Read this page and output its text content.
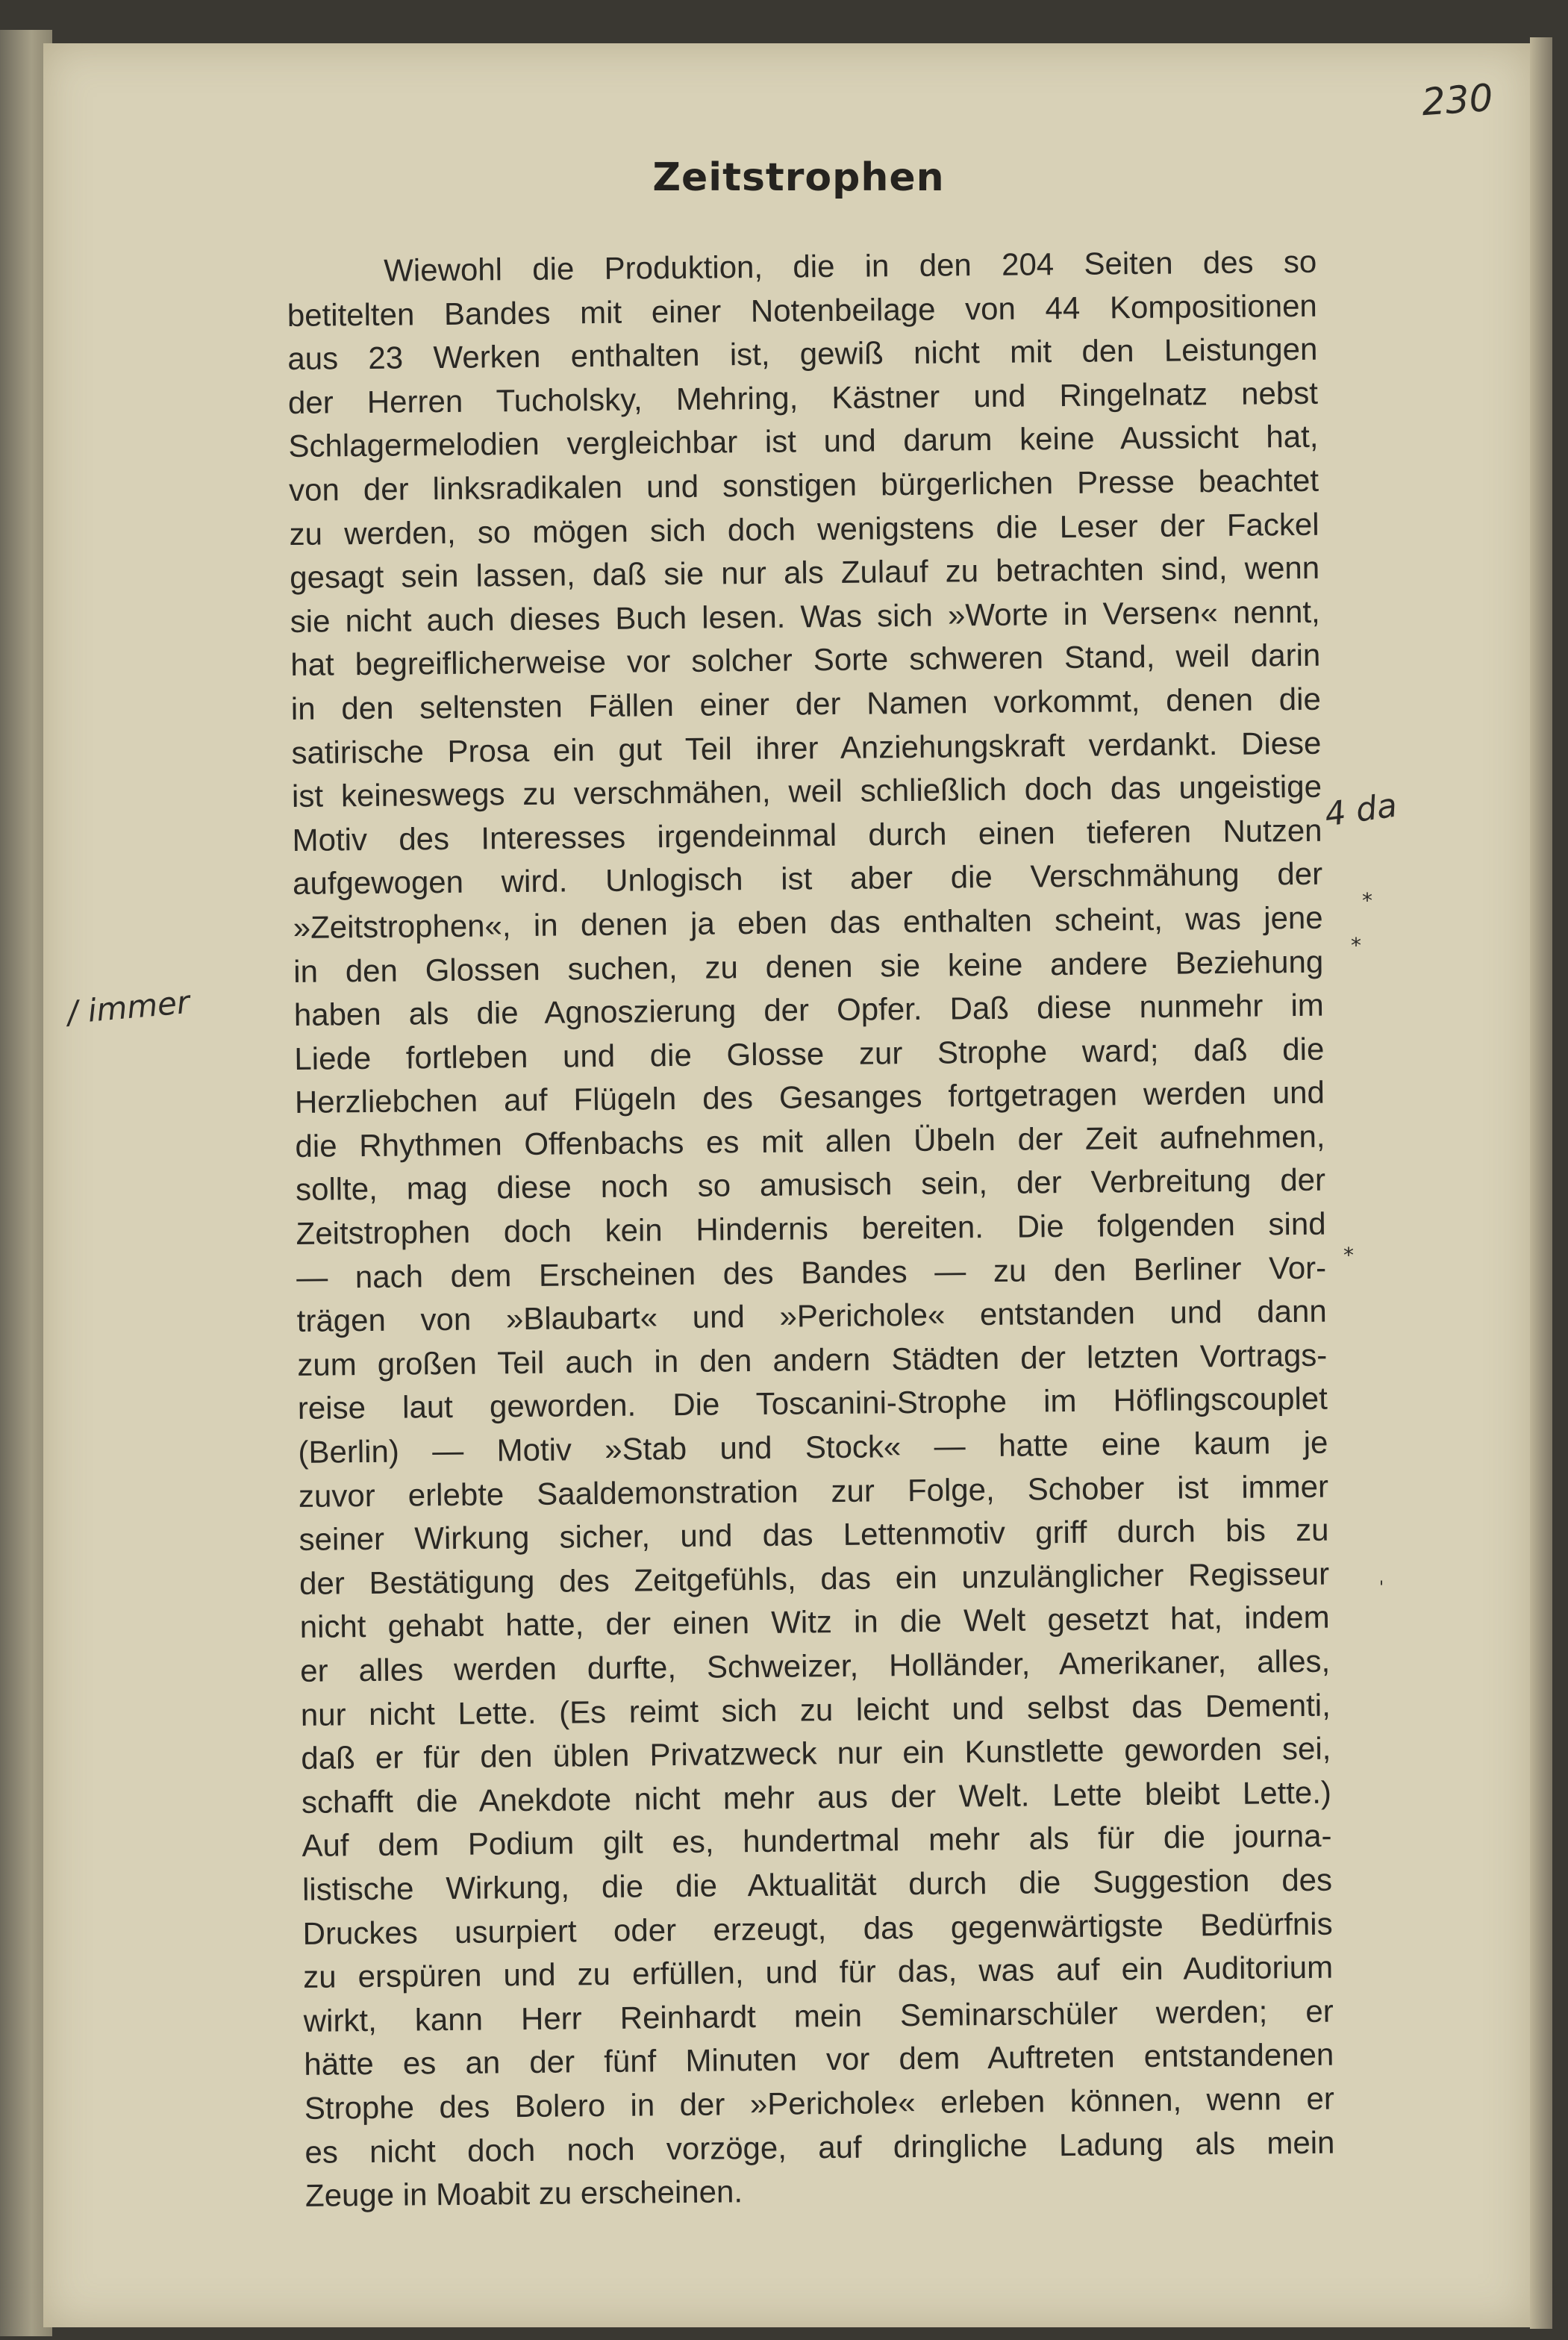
230
Zeitstrophen
Wiewohl die Produktion, die in den 204 Seiten des so
betitelten Bandes mit einer Notenbeilage von 44 Kompositionen
aus 23 Werken enthalten ist, gewiß nicht mit den Leistungen
der Herren Tucholsky, Mehring, Kästner und Ringelnatz nebst
Schlagermelodien vergleichbar ist und darum keine Aussicht hat,
von der linksradikalen und sonstigen bürgerlichen Presse beachtet
zu werden, so mögen sich doch wenigstens die Leser der Fackel
gesagt sein lassen, daß sie nur als Zulauf zu betrachten sind, wenn
sie nicht auch dieses Buch lesen. Was sich »Worte in Versen« nennt,
hat begreiflicherweise vor solcher Sorte schweren Stand, weil darin
in den seltensten Fällen einer der Namen vorkommt, denen die
satirische Prosa ein gut Teil ihrer Anziehungskraft verdankt. Diese
ist keineswegs zu verschmähen, weil schließlich doch das ungeistige
Motiv des Interesses irgendeinmal durch einen tieferen Nutzen
aufgewogen wird. Unlogisch ist aber die Verschmähung der
»Zeitstrophen«, in denen ja eben das enthalten scheint, was jene
in den Glossen suchen, zu denen sie keine andere Beziehung
haben als die Agnoszierung der Opfer. Daß diese nunmehr im
Liede fortleben und die Glosse zur Strophe ward; daß die
Herzliebchen auf Flügeln des Gesanges fortgetragen werden und
die Rhythmen Offenbachs es mit allen Übeln der Zeit aufnehmen,
sollte, mag diese noch so amusisch sein, der Verbreitung der
Zeitstrophen doch kein Hindernis bereiten. Die folgenden sind
— nach dem Erscheinen des Bandes — zu den Berliner Vor-
trägen von »Blaubart« und »Perichole« entstanden und dann
zum großen Teil auch in den andern Städten der letzten Vortrags-
reise laut geworden. Die Toscanini-Strophe im Höflingscouplet
(Berlin) — Motiv »Stab und Stock« — hatte eine kaum je
zuvor erlebte Saaldemonstration zur Folge, Schober ist immer
seiner Wirkung sicher, und das Lettenmotiv griff durch bis zu
der Bestätigung des Zeitgefühls, das ein unzulänglicher Regisseur
nicht gehabt hatte, der einen Witz in die Welt gesetzt hat, indem
er alles werden durfte, Schweizer, Holländer, Amerikaner, alles,
nur nicht Lette. (Es reimt sich zu leicht und selbst das Dementi,
daß er für den üblen Privatzweck nur ein Kunstlette geworden sei,
schafft die Anekdote nicht mehr aus der Welt. Lette bleibt Lette.)
Auf dem Podium gilt es, hundertmal mehr als für die journa-
listische Wirkung, die die Aktualität durch die Suggestion des
Druckes usurpiert oder erzeugt, das gegenwärtigste Bedürfnis
zu erspüren und zu erfüllen, und für das, was auf ein Auditorium
wirkt, kann Herr Reinhardt mein Seminarschüler werden; er
hätte es an der fünf Minuten vor dem Auftreten entstandenen
Strophe des Bolero in der »Perichole« erleben können, wenn er
es nicht doch noch vorzöge, auf dringliche Ladung als mein
Zeuge in Moabit zu erscheinen.
/ immer
4 da
*
*
*
'
